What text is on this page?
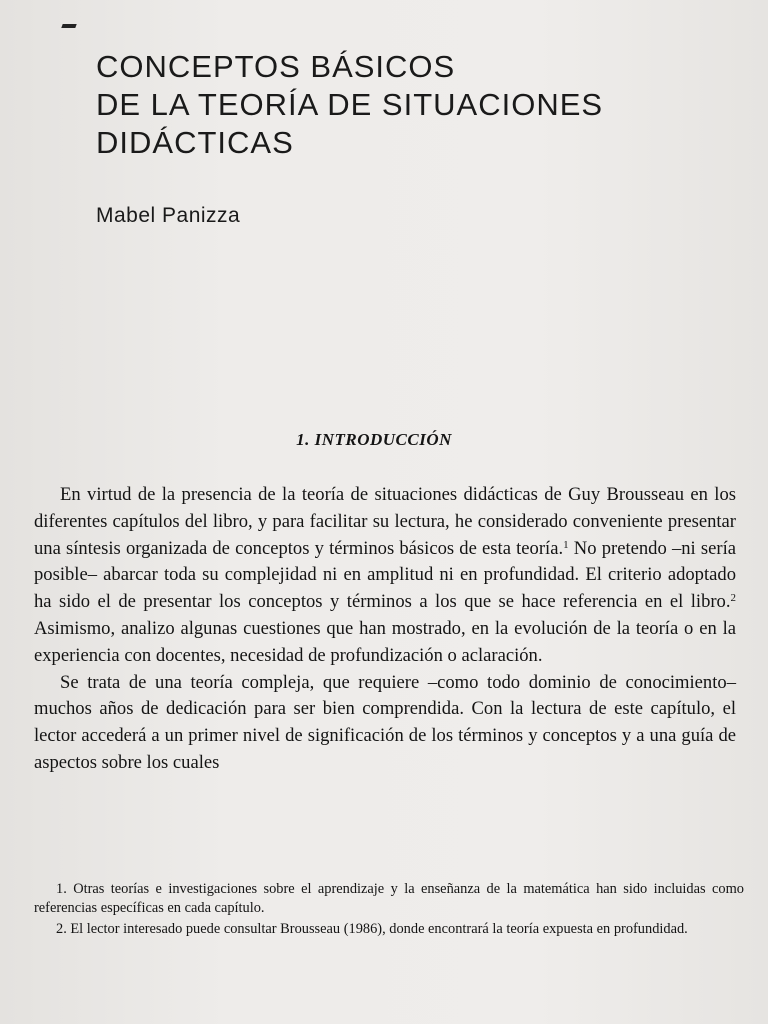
CONCEPTOS BÁSICOS
DE LA TEORÍA DE SITUACIONES
DIDÁCTICAS

Mabel Panizza

1. INTRODUCCIÓN

En virtud de la presencia de la teoría de situaciones didácticas de Guy Brousseau en los diferentes capítulos del libro, y para facilitar su lectura, he considerado conveniente presentar una síntesis organizada de conceptos y términos básicos de esta teoría.$^1$ No pretendo –ni sería posible– abarcar toda su complejidad ni en amplitud ni en profundidad. El criterio adoptado ha sido el de presentar los conceptos y términos a los que se hace referencia en el libro.$^2$ Asimismo, analizo algunas cuestiones que han mostrado, en la evolución de la teoría o en la experiencia con docentes, necesidad de profundización o aclaración.

Se trata de una teoría compleja, que requiere –como todo dominio de conocimiento– muchos años de dedicación para ser bien comprendida. Con la lectura de este capítulo, el lector accederá a un primer nivel de significación de los términos y conceptos y a una guía de aspectos sobre los cuales

1. Otras teorías e investigaciones sobre el aprendizaje y la enseñanza de la matemática han sido incluidas como referencias específicas en cada capítulo.

2. El lector interesado puede consultar Brousseau (1986), donde encontrará la teoría expuesta en profundidad.
